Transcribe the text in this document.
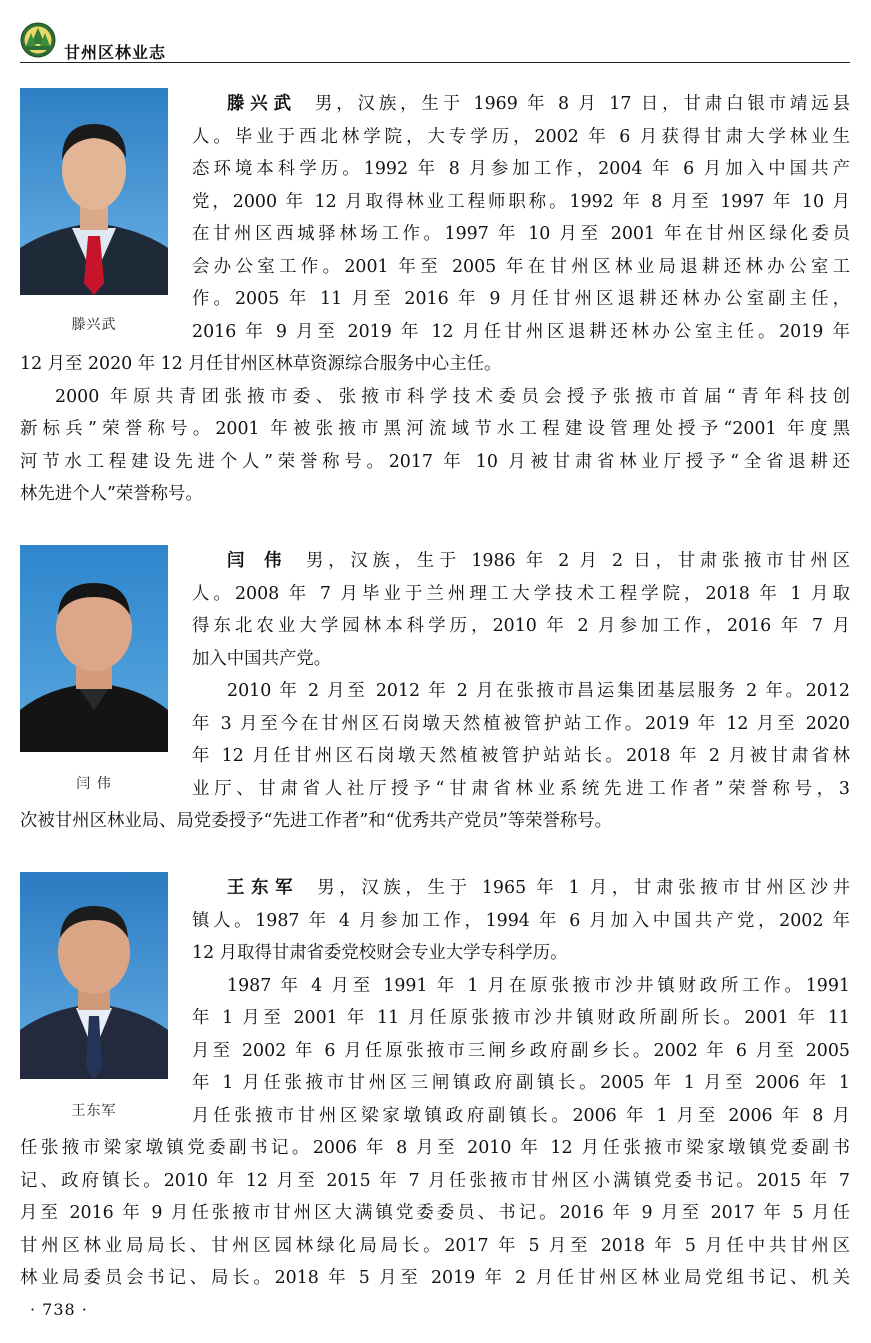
甘州区林业志
滕兴武
滕兴武 男，汉族，生于 1969 年 8 月 17 日，甘肃白银市靖远县
人。毕业于西北林学院，大专学历，2002 年 6 月获得甘肃大学林业生
态环境本科学历。1992 年 8 月参加工作，2004 年 6 月加入中国共产
党，2000 年 12 月取得林业工程师职称。1992 年 8 月至 1997 年 10 月
在甘州区西城驿林场工作。1997 年 10 月至 2001 年在甘州区绿化委员
会办公室工作。2001 年至 2005 年在甘州区林业局退耕还林办公室工
作。2005 年 11 月至 2016 年 9 月任甘州区退耕还林办公室副主任，
2016 年 9 月至 2019 年 12 月任甘州区退耕还林办公室主任。2019 年
12 月至 2020 年 12 月任甘州区林草资源综合服务中心主任。
2000 年原共青团张掖市委、张掖市科学技术委员会授予张掖市首届“青年科技创
新标兵”荣誉称号。2001 年被张掖市黑河流域节水工程建设管理处授予“2001 年度黑
河节水工程建设先进个人”荣誉称号。2017 年 10 月被甘肃省林业厅授予“全省退耕还
林先进个人”荣誉称号。
闫 伟
闫 伟 男，汉族，生于 1986 年 2 月 2 日，甘肃张掖市甘州区
人。2008 年 7 月毕业于兰州理工大学技术工程学院，2018 年 1 月取
得东北农业大学园林本科学历，2010 年 2 月参加工作，2016 年 7 月
加入中国共产党。
2010 年 2 月至 2012 年 2 月在张掖市昌运集团基层服务 2 年。2012
年 3 月至今在甘州区石岗墩天然植被管护站工作。2019 年 12 月至 2020
年 12 月任甘州区石岗墩天然植被管护站站长。2018 年 2 月被甘肃省林
业厅、甘肃省人社厅授予“甘肃省林业系统先进工作者”荣誉称号，3
次被甘州区林业局、局党委授予“先进工作者”和“优秀共产党员”等荣誉称号。
王东军
王东军 男，汉族，生于 1965 年 1 月，甘肃张掖市甘州区沙井
镇人。1987 年 4 月参加工作，1994 年 6 月加入中国共产党，2002 年
12 月取得甘肃省委党校财会专业大学专科学历。
1987 年 4 月至 1991 年 1 月在原张掖市沙井镇财政所工作。1991
年 1 月至 2001 年 11 月任原张掖市沙井镇财政所副所长。2001 年 11
月至 2002 年 6 月任原张掖市三闸乡政府副乡长。2002 年 6 月至 2005
年 1 月任张掖市甘州区三闸镇政府副镇长。2005 年 1 月至 2006 年 1
月任张掖市甘州区梁家墩镇政府副镇长。2006 年 1 月至 2006 年 8 月
任张掖市梁家墩镇党委副书记。2006 年 8 月至 2010 年 12 月任张掖市梁家墩镇党委副书
记、政府镇长。2010 年 12 月至 2015 年 7 月任张掖市甘州区小满镇党委书记。2015 年 7
月至 2016 年 9 月任张掖市甘州区大满镇党委委员、书记。2016 年 9 月至 2017 年 5 月任
甘州区林业局局长、甘州区园林绿化局局长。2017 年 5 月至 2018 年 5 月任中共甘州区
林业局委员会书记、局长。2018 年 5 月至 2019 年 2 月任甘州区林业局党组书记、机关
· 738 ·
